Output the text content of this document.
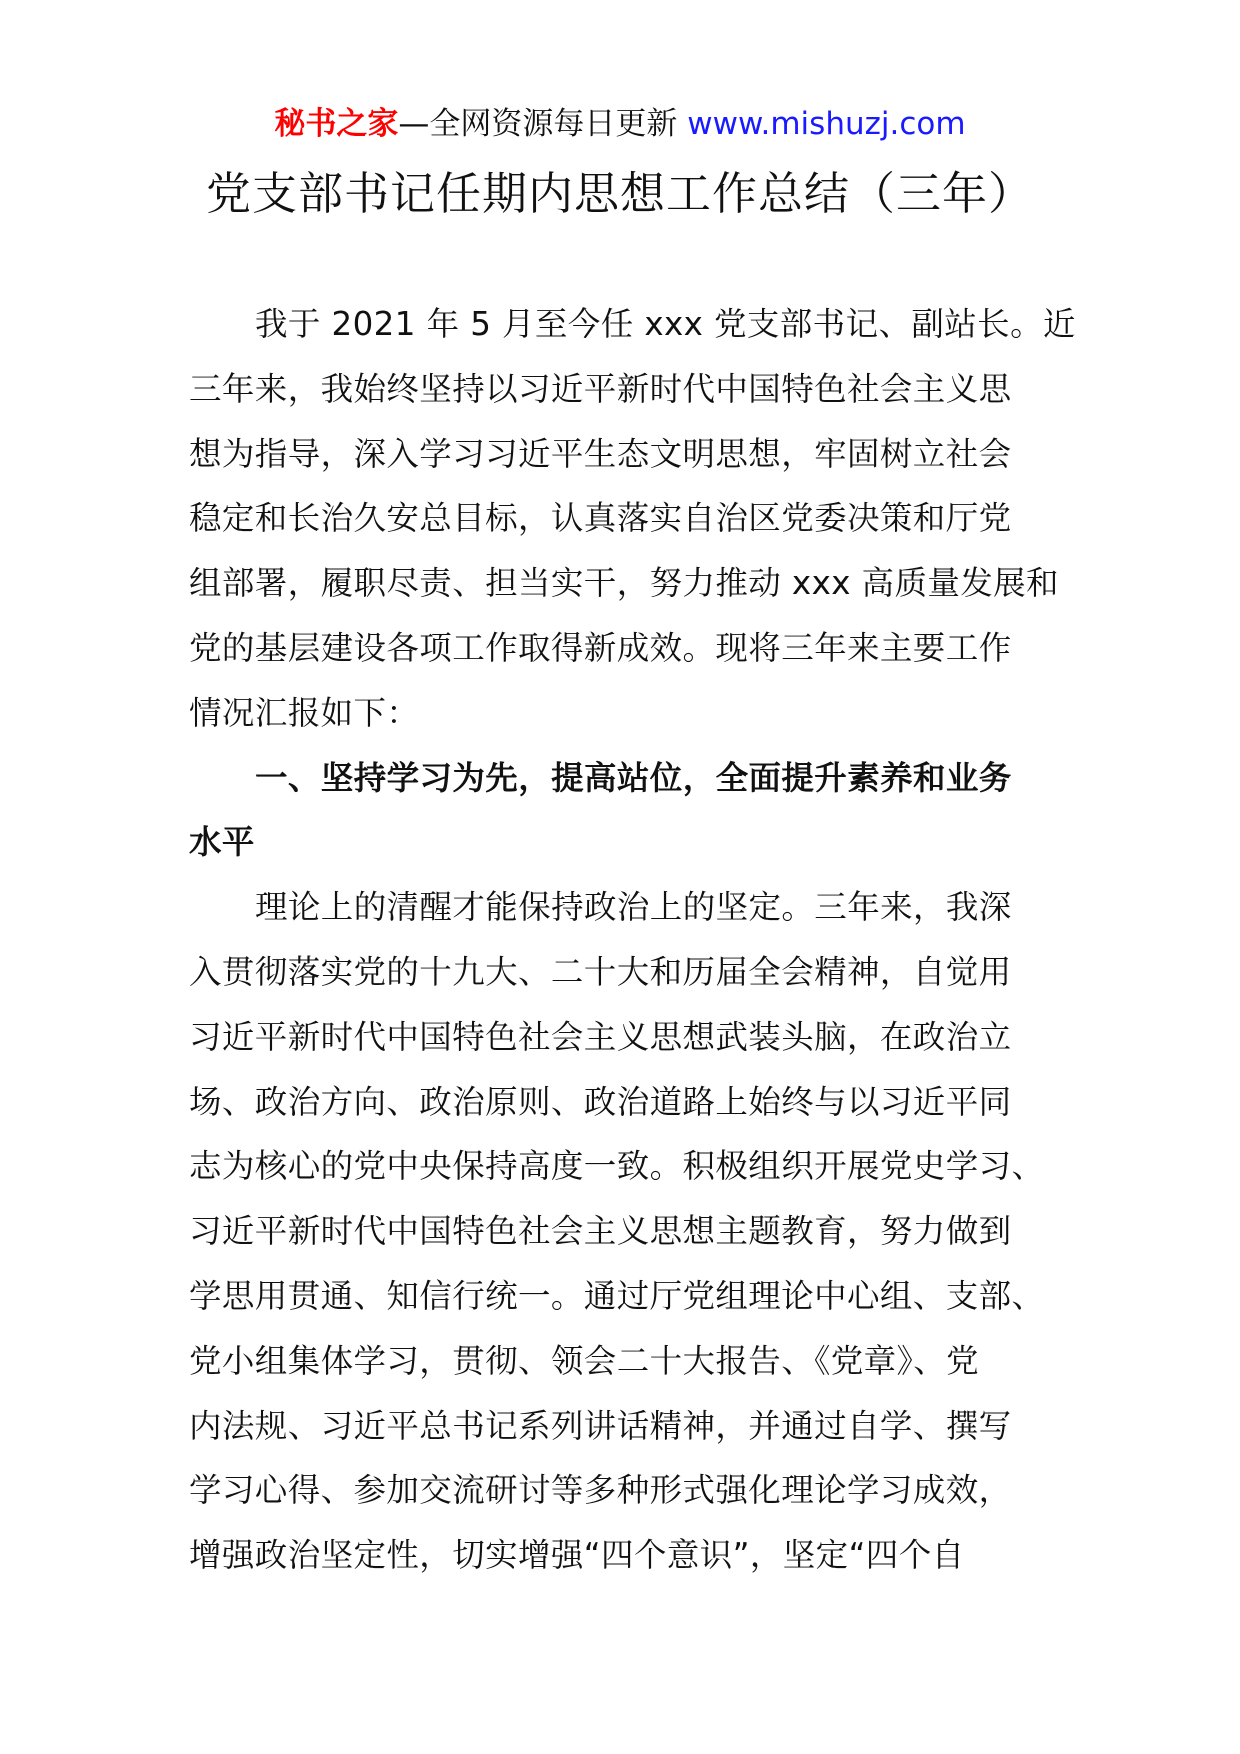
秘书之家—全网资源每日更新 www.mishuzj.com
党支部书记任期内思想工作总结（三年）
我于 2021 年 5 月至今任 xxx 党支部书记、副站长。近
三年来，我始终坚持以习近平新时代中国特色社会主义思
想为指导，深入学习习近平生态文明思想，牢固树立社会
稳定和长治久安总目标，认真落实自治区党委决策和厅党
组部署，履职尽责、担当实干，努力推动 xxx 高质量发展和
党的基层建设各项工作取得新成效。现将三年来主要工作
情况汇报如下：
一、坚持学习为先，提高站位，全面提升素养和业务
水平
理论上的清醒才能保持政治上的坚定。三年来，我深
入贯彻落实党的十九大、二十大和历届全会精神，自觉用
习近平新时代中国特色社会主义思想武装头脑，在政治立
场、政治方向、政治原则、政治道路上始终与以习近平同
志为核心的党中央保持高度一致。积极组织开展党史学习、
习近平新时代中国特色社会主义思想主题教育，努力做到
学思用贯通、知信行统一。通过厅党组理论中心组、支部、
党小组集体学习，贯彻、领会二十大报告、《党章》、党
内法规、习近平总书记系列讲话精神，并通过自学、撰写
学习心得、参加交流研讨等多种形式强化理论学习成效，
增强政治坚定性，切实增强“四个意识”，坚定“四个自
